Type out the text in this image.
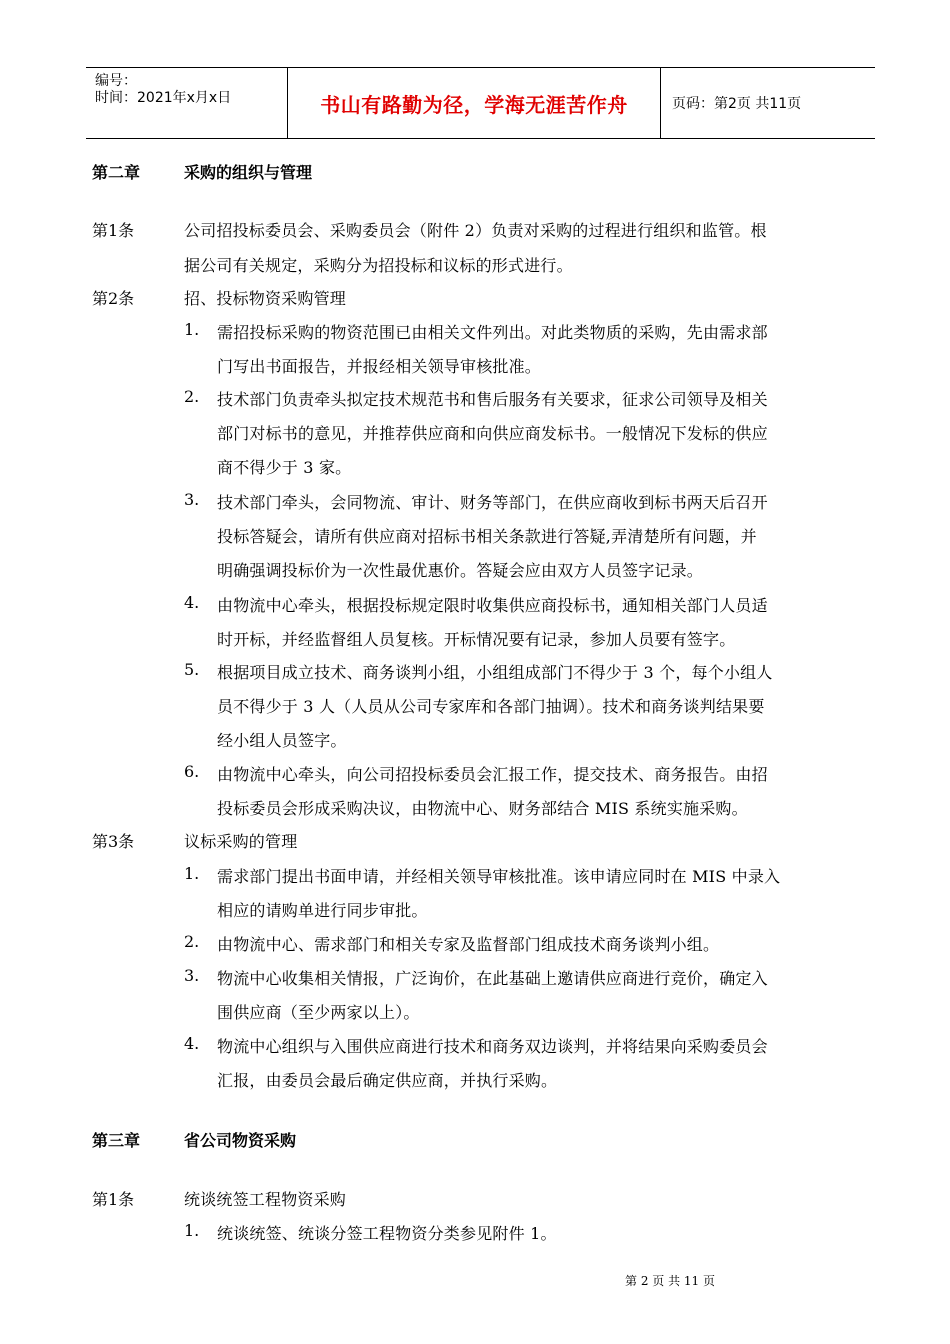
编号：
时间：2021年x月x日	书山有路勤为径，学海无涯苦作舟	页码：第2页 共11页
第二章	采购的组织与管理
第1条	公司招投标委员会、采购委员会（附件 2）负责对采购的过程进行组织和监管。根
据公司有关规定，采购分为招投标和议标的形式进行。
第2条	招、投标物资采购管理
1. 需招投标采购的物资范围已由相关文件列出。对此类物质的采购，先由需求部
门写出书面报告，并报经相关领导审核批准。
2. 技术部门负责牵头拟定技术规范书和售后服务有关要求，征求公司领导及相关
部门对标书的意见，并推荐供应商和向供应商发标书。一般情况下发标的供应
商不得少于 3 家。
3. 技术部门牵头，会同物流、审计、财务等部门，在供应商收到标书两天后召开
投标答疑会，请所有供应商对招标书相关条款进行答疑,弄清楚所有问题，并
明确强调投标价为一次性最优惠价。答疑会应由双方人员签字记录。
4. 由物流中心牵头，根据投标规定限时收集供应商投标书，通知相关部门人员适
时开标，并经监督组人员复核。开标情况要有记录，参加人员要有签字。
5. 根据项目成立技术、商务谈判小组，小组组成部门不得少于 3 个，每个小组人
员不得少于 3 人（人员从公司专家库和各部门抽调）。技术和商务谈判结果要
经小组人员签字。
6. 由物流中心牵头，向公司招投标委员会汇报工作，提交技术、商务报告。由招
投标委员会形成采购决议，由物流中心、财务部结合 MIS 系统实施采购。
第3条	议标采购的管理
1. 需求部门提出书面申请，并经相关领导审核批准。该申请应同时在 MIS 中录入
相应的请购单进行同步审批。
2. 由物流中心、需求部门和相关专家及监督部门组成技术商务谈判小组。
3. 物流中心收集相关情报，广泛询价，在此基础上邀请供应商进行竞价，确定入
围供应商（至少两家以上）。
4. 物流中心组织与入围供应商进行技术和商务双边谈判，并将结果向采购委员会
汇报，由委员会最后确定供应商，并执行采购。
第三章	省公司物资采购
第1条	统谈统签工程物资采购
1. 统谈统签、统谈分签工程物资分类参见附件 1。
第 2 页 共 11 页
